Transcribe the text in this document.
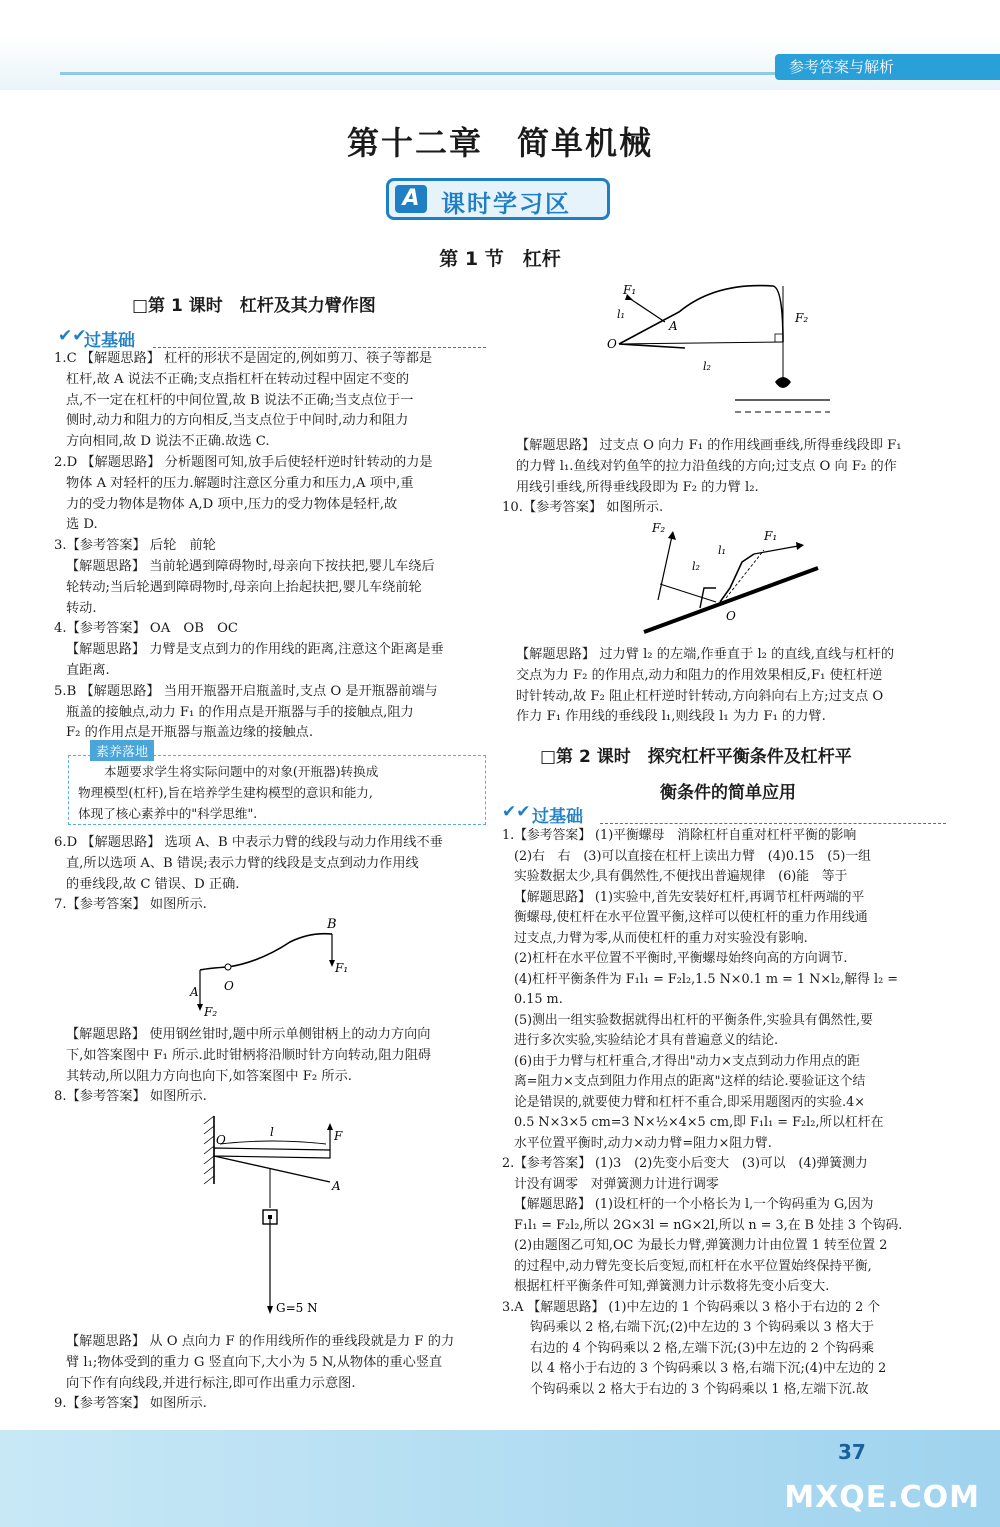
参考答案与解析
第十二章　简单机械
A 课时学习区
第 1 节　杠杆
□第 1 课时　杠杆及其力臂作图
过基础
✔✔
1.C 【解题思路】 杠杆的形状不是固定的,例如剪刀、筷子等都是
杠杆,故 A 说法不正确;支点指杠杆在转动过程中固定不变的
点,不一定在杠杆的中间位置,故 B 说法不正确;当支点位于一
侧时,动力和阻力的方向相反,当支点位于中间时,动力和阻力
方向相同,故 D 说法不正确.故选 C.
2.D 【解题思路】 分析题图可知,放手后使轻杆逆时针转动的力是
物体 A 对轻杆的压力.解题时注意区分重力和压力,A 项中,重
力的受力物体是物体 A,D 项中,压力的受力物体是轻杆,故
选 D.
3.【参考答案】 后轮　前轮
【解题思路】 当前轮遇到障碍物时,母亲向下按扶把,婴儿车绕后
轮转动;当后轮遇到障碍物时,母亲向上抬起扶把,婴儿车绕前轮
转动.
4.【参考答案】 OA　OB　OC
【解题思路】 力臂是支点到力的作用线的距离,注意这个距离是垂
直距离.
5.B 【解题思路】 当用开瓶器开启瓶盖时,支点 O 是开瓶器前端与
瓶盖的接触点,动力 F₁ 的作用点是开瓶器与手的接触点,阻力
F₂ 的作用点是开瓶器与瓶盖边缘的接触点.
素养落地
本题要求学生将实际问题中的对象(开瓶器)转换成
物理模型(杠杆),旨在培养学生建构模型的意识和能力,
体现了核心素养中的"科学思维".
6.D 【解题思路】 选项 A、B 中表示力臂的线段与动力作用线不垂
直,所以选项 A、B 错误;表示力臂的线段是支点到动力作用线
的垂线段,故 C 错误、D 正确.
7.【参考答案】 如图所示.
B
F₁
A O
F₂
【解题思路】 使用钢丝钳时,题中所示单侧钳柄上的动力方向向
下,如答案图中 F₁ 所示.此时钳柄将沿顺时针方向转动,阻力阻碍
其转动,所以阻力方向也向下,如答案图中 F₂ 所示.
8.【参考答案】 如图所示.
O
l	F
A
G=5 N
【解题思路】 从 O 点向力 F 的作用线所作的垂线段就是力 F 的力
臂 l₁;物体受到的重力 G 竖直向下,大小为 5 N,从物体的重心竖直
向下作有向线段,并进行标注,即可作出重力示意图.
9.【参考答案】 如图所示.
F₁
l₁
A
O
F₂
l₂
【解题思路】 过支点 O 向力 F₁ 的作用线画垂线,所得垂线段即 F₁
的力臂 l₁.鱼线对钓鱼竿的拉力沿鱼线的方向;过支点 O 向 F₂ 的作
用线引垂线,所得垂线段即为 F₂ 的力臂 l₂.
10.【参考答案】 如图所示.
F₂
l₂
l₁
F₁
O
【解题思路】 过力臂 l₂ 的左端,作垂直于 l₂ 的直线,直线与杠杆的
交点为力 F₂ 的作用点,动力和阻力的作用效果相反,F₁ 使杠杆逆
时针转动,故 F₂ 阻止杠杆逆时针转动,方向斜向右上方;过支点 O
作力 F₁ 作用线的垂线段 l₁,则线段 l₁ 为力 F₁ 的力臂.
□第 2 课时　探究杠杆平衡条件及杠杆平
衡条件的简单应用
✔✔ 过基础
1.【参考答案】 (1)平衡螺母　消除杠杆自重对杠杆平衡的影响
(2)右　右　(3)可以直接在杠杆上读出力臂　(4)0.15　(5)一组
实验数据太少,具有偶然性,不便找出普遍规律　(6)能　等于
【解题思路】 (1)实验中,首先安装好杠杆,再调节杠杆两端的平
衡螺母,使杠杆在水平位置平衡,这样可以使杠杆的重力作用线通
过支点,力臂为零,从而使杠杆的重力对实验没有影响.
(2)杠杆在水平位置不平衡时,平衡螺母始终向高的方向调节.
(4)杠杆平衡条件为 F₁l₁ = F₂l₂,1.5 N×0.1 m = 1 N×l₂,解得 l₂ =
0.15 m.
(5)测出一组实验数据就得出杠杆的平衡条件,实验具有偶然性,要
进行多次实验,实验结论才具有普遍意义的结论.
(6)由于力臂与杠杆重合,才得出"动力×支点到动力作用点的距
离=阻力×支点到阻力作用点的距离"这样的结论.要验证这个结
论是错误的,就要使力臂和杠杆不重合,即采用题图丙的实验.4×
0.5 N×3×5 cm=3 N×½×4×5 cm,即 F₁l₁ = F₂l₂,所以杠杆在
水平位置平衡时,动力×动力臂=阻力×阻力臂.
2.【参考答案】 (1)3　(2)先变小后变大　(3)可以　(4)弹簧测力
计没有调零　对弹簧测力计进行调零
【解题思路】 (1)设杠杆的一个小格长为 l,一个钩码重为 G,因为
F₁l₁ = F₂l₂,所以 2G×3l = nG×2l,所以 n = 3,在 B 处挂 3 个钩码.
(2)由题图乙可知,OC 为最长力臂,弹簧测力计由位置 1 转至位置 2
的过程中,动力臂先变长后变短,而杠杆在水平位置始终保持平衡,
根据杠杆平衡条件可知,弹簧测力计示数将先变小后变大.
3.A 【解题思路】 (1)中左边的 1 个钩码乘以 3 格小于右边的 2 个
钩码乘以 2 格,右端下沉;(2)中左边的 3 个钩码乘以 3 格大于
右边的 4 个钩码乘以 2 格,左端下沉;(3)中左边的 2 个钩码乘
以 4 格小于右边的 3 个钩码乘以 3 格,右端下沉;(4)中左边的 2
个钩码乘以 2 格大于右边的 3 个钩码乘以 1 格,左端下沉.故
37
MXQE.COM
